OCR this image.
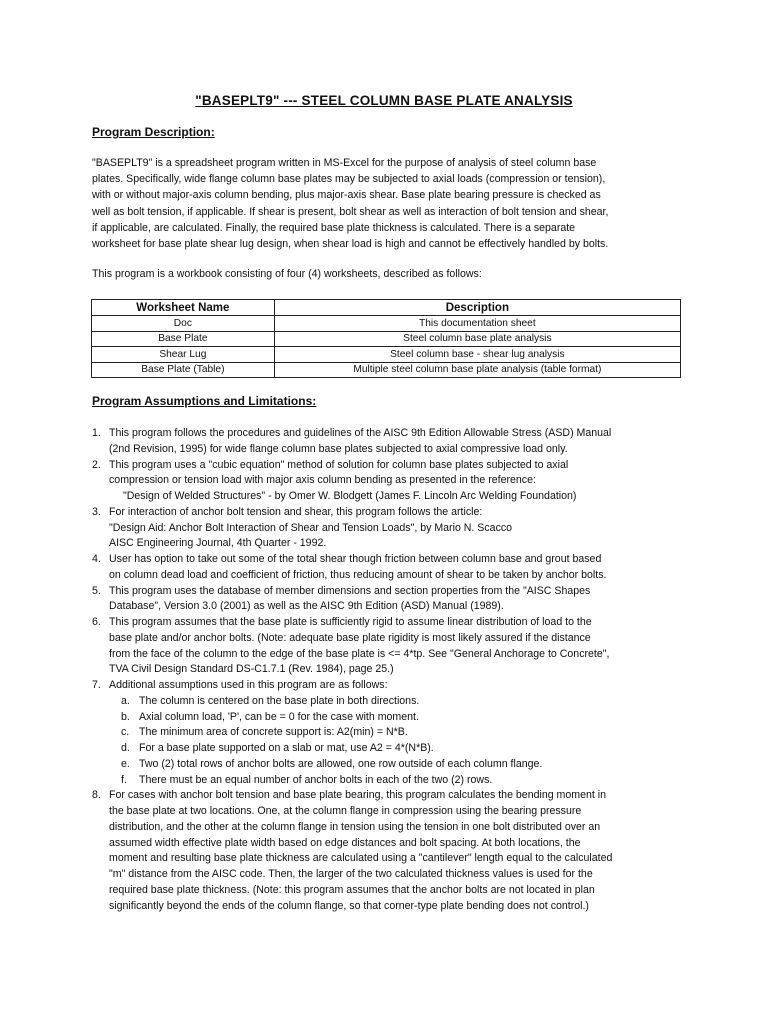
"BASEPLT9" --- STEEL COLUMN BASE PLATE ANALYSIS
Program Description:
"BASEPLT9" is a spreadsheet program written in MS-Excel for the purpose of analysis of steel column base
plates. Specifically, wide flange column base plates may be subjected to axial loads (compression or tension),
with or without major-axis column bending, plus major-axis shear. Base plate bearing pressure is checked as
well as bolt tension, if applicable. If shear is present, bolt shear as well as interaction of bolt tension and shear,
if applicable, are calculated. Finally, the required base plate thickness is calculated. There is a separate
worksheet for base plate shear lug design, when shear load is high and cannot be effectively handled by bolts.
This program is a workbook consisting of four (4) worksheets, described as follows:
Worksheet Name	Description
Doc	This documentation sheet
Base Plate	Steel column base plate analysis
Shear Lug	Steel column base - shear lug analysis
Base Plate (Table)	Multiple steel column base plate analysis (table format)
Program Assumptions and Limitations:
1. This program follows the procedures and guidelines of the AISC 9th Edition Allowable Stress (ASD) Manual
(2nd Revision, 1995) for wide flange column base plates subjected to axial compressive load only.
2. This program uses a "cubic equation" method of solution for column base plates subjected to axial
compression or tension load with major axis column bending as presented in the reference:
"Design of Welded Structures" - by Omer W. Blodgett (James F. Lincoln Arc Welding Foundation)
3. For interaction of anchor bolt tension and shear, this program follows the article:
"Design Aid: Anchor Bolt Interaction of Shear and Tension Loads", by Mario N. Scacco
AISC Engineering Journal, 4th Quarter - 1992.
4. User has option to take out some of the total shear though friction between column base and grout based
on column dead load and coefficient of friction, thus reducing amount of shear to be taken by anchor bolts.
5. This program uses the database of member dimensions and section properties from the "AISC Shapes
Database", Version 3.0 (2001) as well as the AISC 9th Edition (ASD) Manual (1989).
6. This program assumes that the base plate is sufficiently rigid to assume linear distribution of load to the
base plate and/or anchor bolts. (Note: adequate base plate rigidity is most likely assured if the distance
from the face of the column to the edge of the base plate is <= 4*tp. See "General Anchorage to Concrete",
TVA Civil Design Standard DS-C1.7.1 (Rev. 1984), page 25.)
7. Additional assumptions used in this program are as follows:
a. The column is centered on the base plate in both directions.
b. Axial column load, 'P', can be = 0 for the case with moment.
c. The minimum area of concrete support is: A2(min) = N*B.
d. For a base plate supported on a slab or mat, use A2 = 4*(N*B).
e. Two (2) total rows of anchor bolts are allowed, one row outside of each column flange.
f. There must be an equal number of anchor bolts in each of the two (2) rows.
8. For cases with anchor bolt tension and base plate bearing, this program calculates the bending moment in
the base plate at two locations. One, at the column flange in compression using the bearing pressure
distribution, and the other at the column flange in tension using the tension in one bolt distributed over an
assumed width effective plate width based on edge distances and bolt spacing. At both locations, the
moment and resulting base plate thickness are calculated using a "cantilever" length equal to the calculated
"m" distance from the AISC code. Then, the larger of the two calculated thickness values is used for the
required base plate thickness. (Note: this program assumes that the anchor bolts are not located in plan
significantly beyond the ends of the column flange, so that corner-type plate bending does not control.)
